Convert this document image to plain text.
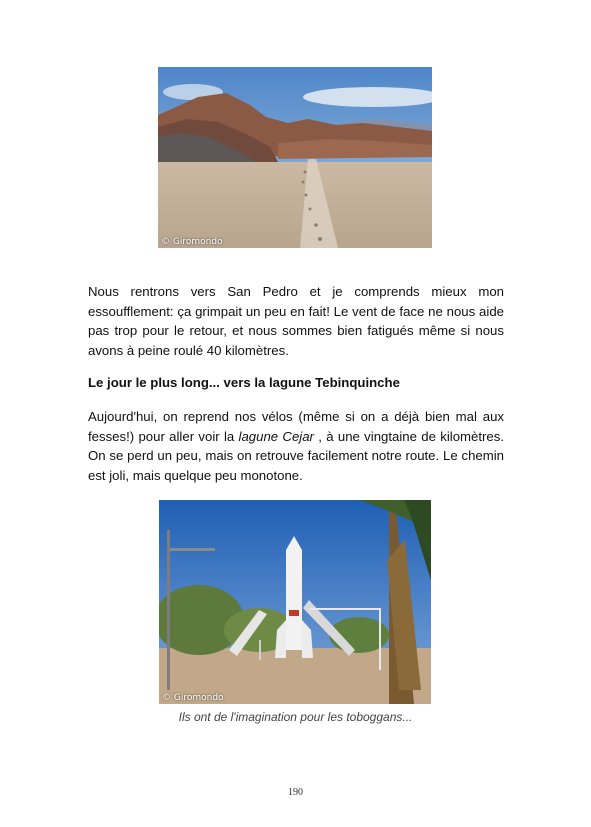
© Giromondo

Nous rentrons vers San Pedro et je comprends mieux mon essoufflement: ça grimpait un peu en fait! Le vent de face ne nous aide pas trop pour le retour, et nous sommes bien fatigués même si nous avons à peine roulé 40 kilomètres.

Le jour le plus long... vers la lagune Tebinquinche

Aujourd'hui, on reprend nos vélos (même si on a déjà bien mal aux fesses!) pour aller voir la lagune Cejar , à une vingtaine de kilomètres. On se perd un peu, mais on retrouve facilement notre route. Le chemin est joli, mais quelque peu monotone.

© Giromondo
Ils ont de l'imagination pour les toboggans...
190
